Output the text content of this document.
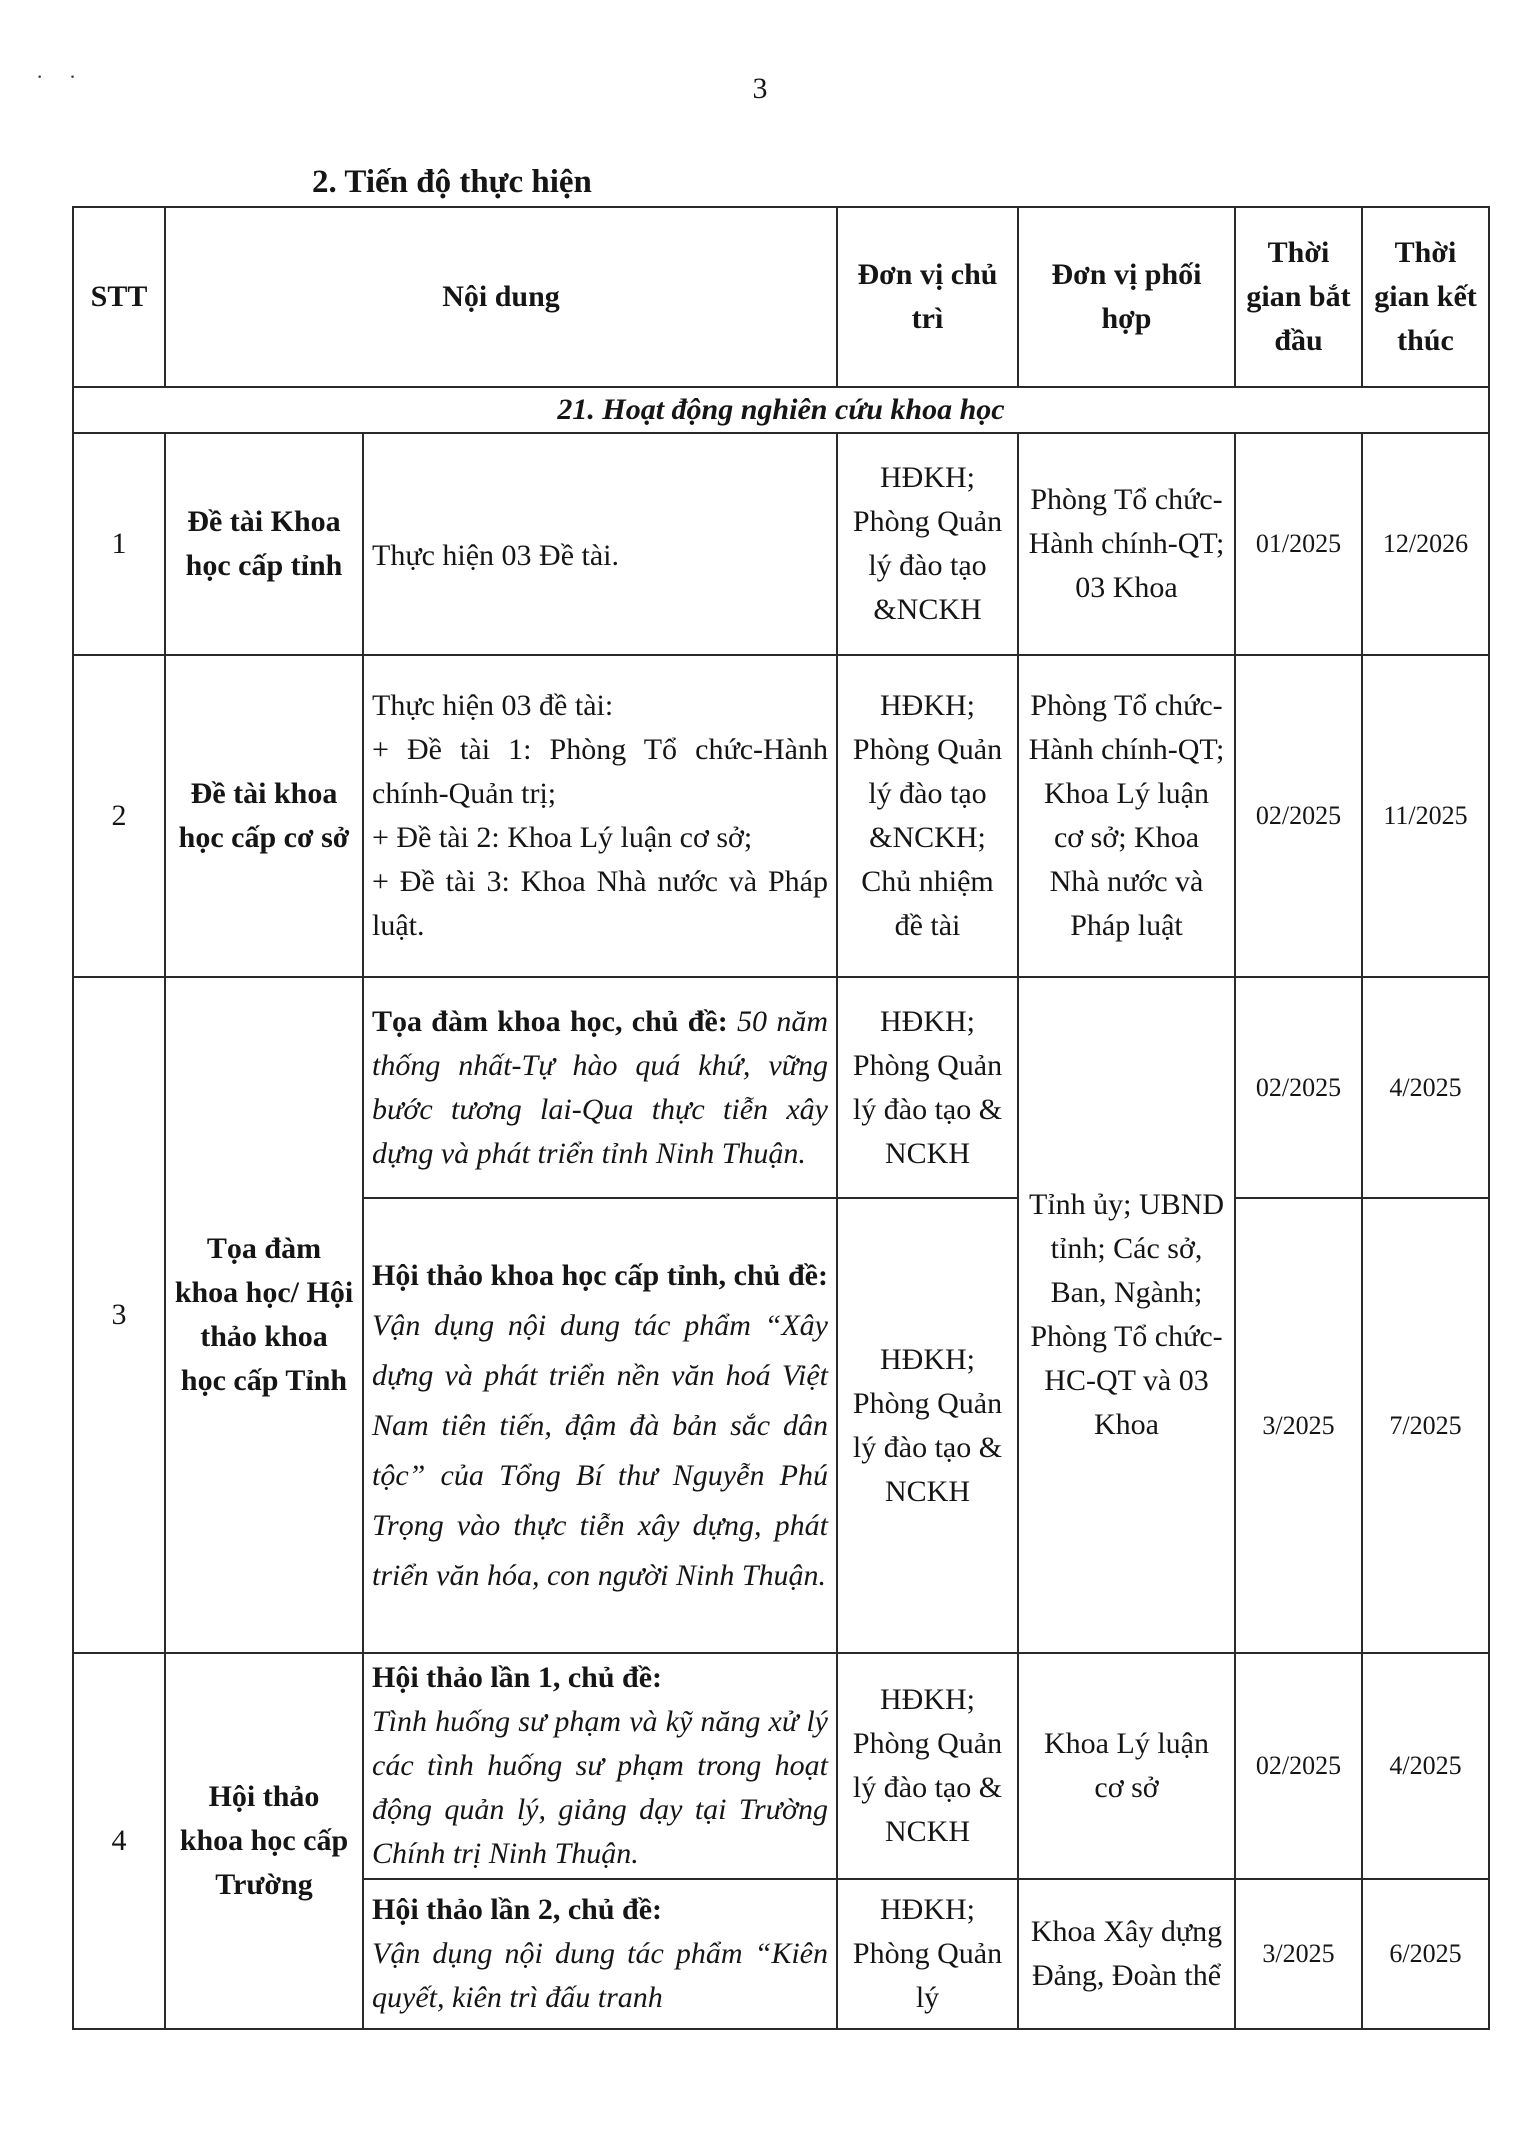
· ·	3
2. Tiến độ thực hiện
STT	Nội dung		Đơn vị chủ trì	Đơn vị phối hợp	Thời gian bắt đầu	Thời gian kết thúc
21. Hoạt động nghiên cứu khoa học						
1	Đề tài Khoa học cấp tỉnh	Thực hiện 03 Đề tài.	HĐKH; Phòng Quản lý đào tạo &NCKH	Phòng Tổ chức-Hành chính-QT; 03 Khoa	01/2025	12/2026
2	Đề tài khoa học cấp cơ sở	Thực hiện 03 đề tài:
+ Đề tài 1: Phòng Tổ chức-Hành chính-Quản trị;
+ Đề tài 2: Khoa Lý luận cơ sở;
+ Đề tài 3: Khoa Nhà nước và Pháp luật.	HĐKH; Phòng Quản lý đào tạo &NCKH; Chủ nhiệm đề tài	Phòng Tổ chức-Hành chính-QT; Khoa Lý luận cơ sở; Khoa Nhà nước và Pháp luật	02/2025	11/2025
3	Tọa đàm khoa học/ Hội thảo khoa học cấp Tỉnh	Tọa đàm khoa học, chủ đề: 50 năm thống nhất-Tự hào quá khứ, vững bước tương lai-Qua thực tiễn xây dựng và phát triển tỉnh Ninh Thuận.	HĐKH; Phòng Quản lý đào tạo & NCKH	Tỉnh ủy; UBND tỉnh; Các sở, Ban, Ngành; Phòng Tổ chức-HC-QT và 03 Khoa	02/2025	4/2025
		Hội thảo khoa học cấp tỉnh, chủ đề: Vận dụng nội dung tác phẩm “Xây dựng và phát triển nền văn hoá Việt Nam tiên tiến, đậm đà bản sắc dân tộc” của Tổng Bí thư Nguyễn Phú Trọng vào thực tiễn xây dựng, phát triển văn hóa, con người Ninh Thuận.	HĐKH; Phòng Quản lý đào tạo & NCKH		3/2025	7/2025
4	Hội thảo khoa học cấp Trường	Hội thảo lần 1, chủ đề:
Tình huống sư phạm và kỹ năng xử lý các tình huống sư phạm trong hoạt động quản lý, giảng dạy tại Trường Chính trị Ninh Thuận.	HĐKH; Phòng Quản lý đào tạo & NCKH	Khoa Lý luận cơ sở	02/2025	4/2025

		Hội thảo lần 2, chủ đề:
Vận dụng nội dung tác phẩm “Kiên quyết, kiên trì đấu tranh	HĐKH; Phòng Quản lý	Khoa Xây dựng Đảng, Đoàn thể	3/2025	6/2025
